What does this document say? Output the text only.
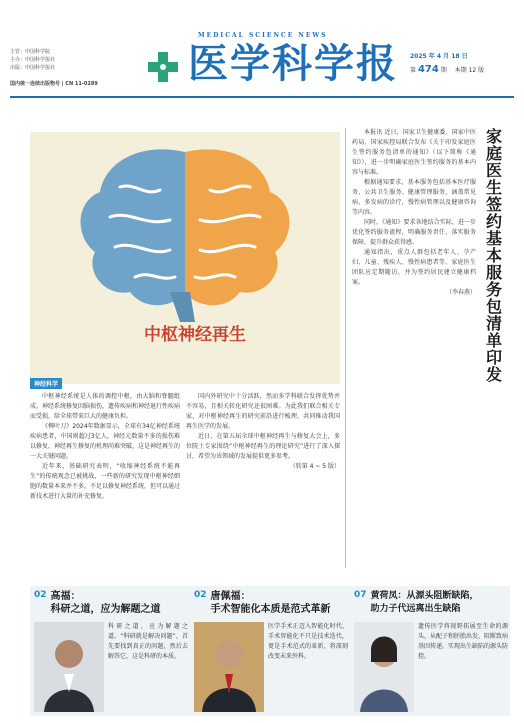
主管：中国科学院
主办：中国科学报社
出版：中国科学报社
国内统一连续出版物号 | CN 11-0289
MEDICAL SCIENCE NEWS
医学科学报 2025 年 4 月 18 日
第 474 期 本期 12 版
中枢神经再生
神经科学

中枢神经系统是人体的调控中枢，由大脑和脊髓组成。神经系统修复因脑损伤，遗传疾病和神经退行性疾病而受损，给全球带来巨大的健康负担。

《柳叶刀》2024年数据显示，全球有34亿神经系统疾病患者，中国则超过3亿人，神经元数量不多的损伤难以修复，神经再生修复的机理尚难突破，这是神经再生的一大关键问题。

近年来，基础研究表明，“收缩神经系统不能再生”的传统观念已被挑战，一些新的研究发现中枢神经细胞的数量本来并不多，不足以修复神经系统，但可以通过新技术进行大量的补充修复。

国内外研究中十分活跃，然而多学科联合发挥优势并不容易，且相关转化研究还很困难。为此我们联合相关专家，对中枢神经再生的研究前沿进行梳理，共同推动我国再生医学的发展。

近日，在第五届全球中枢神经再生与修复大会上，多位院士专家围绕“中枢神经再生的理论研究”进行了深入探讨，希望为该领域的发展提供更多参考。

（转第 4 ~ 5 版）

本报讯 近日，国家卫生健康委、国家中医药局、国家疾控局联合发布《关于印发家庭医生签约服务包清单的通知》（以下简称《通知》），进一步明确家庭医生签约服务的基本内容与标准。

根据通知要求，基本服务包括基本医疗服务、公共卫生服务、健康管理服务，涵盖常见病、多发病的诊疗，慢性病管理以及健康咨询等内容。

同时，《通知》要求各地结合实际，进一步优化签约服务流程，明确服务责任，落实服务保障，提升群众获得感。

通知指出，重点人群包括老年人、孕产妇、儿童、残疾人、慢性病患者等，家庭医生团队应定期随访，并为签约居民建立健康档案。

（李春燕）

家庭医生签约基本服务包清单印发
02 高福：
科研之道，应为解题之道
科研之道，应为解题之道。“科研就是解决问题”，首先要找到真正的问题，然后去解答它，这是科研的本质。
02 唐佩福：
手术智能化本质是范式革新
医学手术正迈入智能化时代，手术智能化不只是技术迭代，更是手术范式的革新，将深刻改变未来外科。
07 黄荷凤：从源头阻断缺陷，
助力子代远离出生缺陷
遗传医学将视野拓展至生命的源头，从配子和胚胎出发，阻断致病基因传递，实现出生缺陷的源头防控。
